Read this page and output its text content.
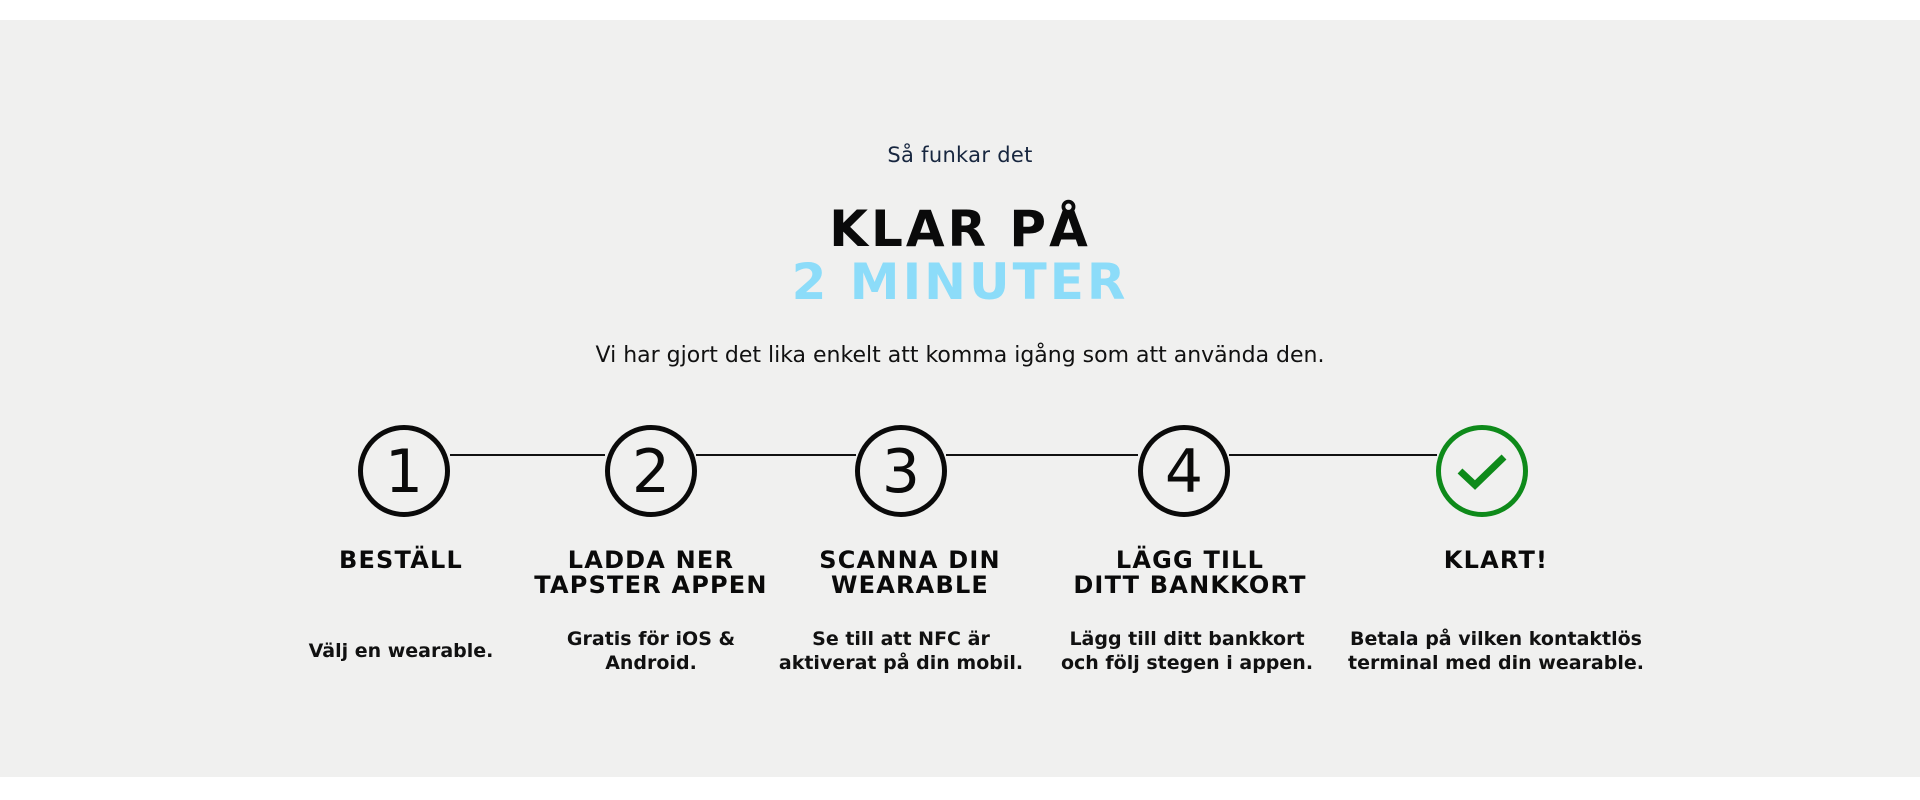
Så funkar det
KLAR PÅ
2 MINUTER
Vi har gjort det lika enkelt att komma igång som att använda den.
1
BESTÄLL
Välj en wearable.
2
LADDA NER
TAPSTER APPEN
Gratis för iOS &
Android.
3
SCANNA DIN
WEARABLE
Se till att NFC är
aktiverat på din mobil.
4
LÄGG TILL
DITT BANKKORT
Lägg till ditt bankkort
och följ stegen i appen.
KLART!
Betala på vilken kontaktlös
terminal med din wearable.
